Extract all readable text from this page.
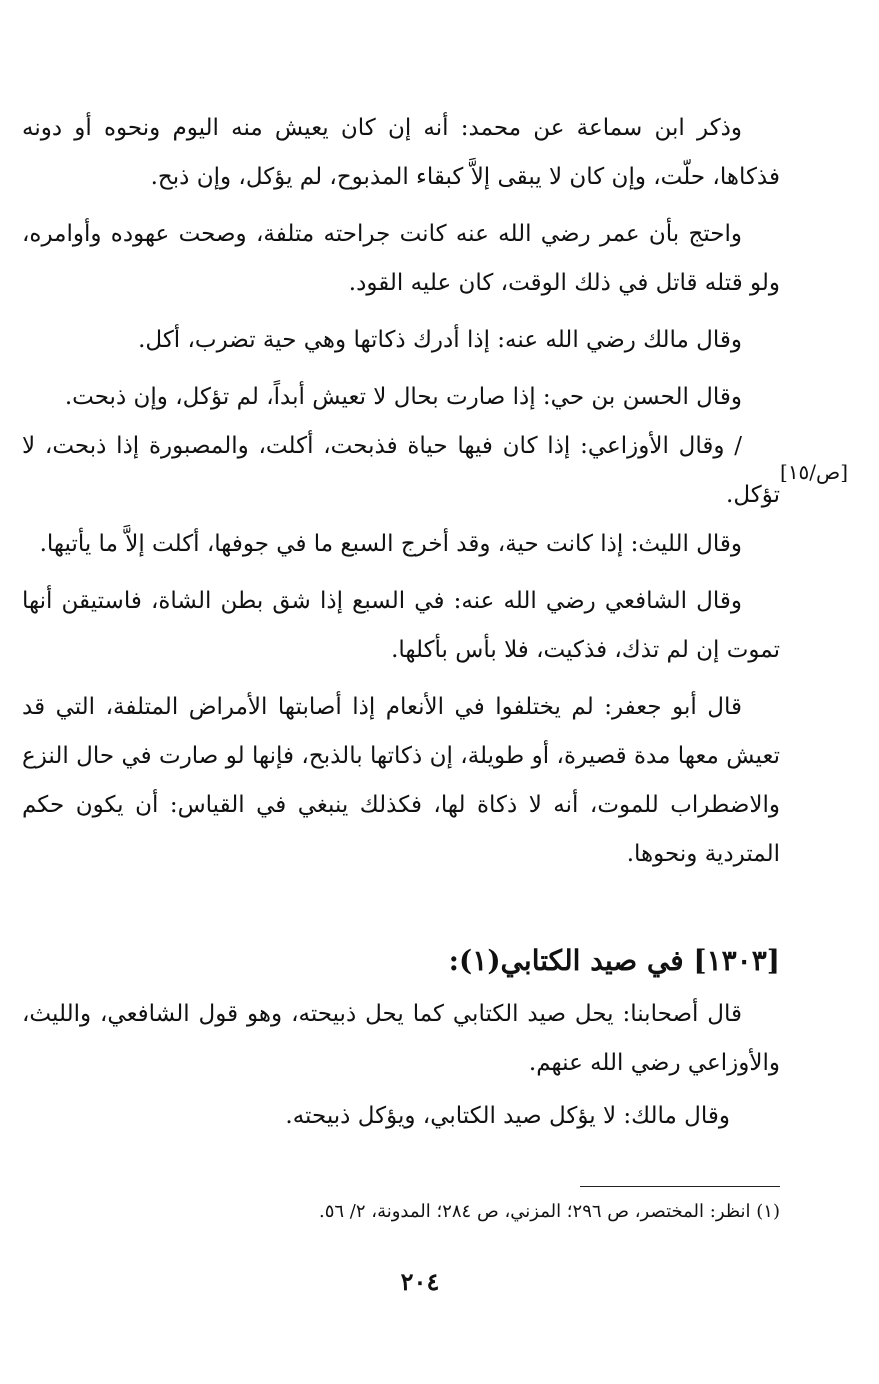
وذكر ابن سماعة عن محمد: أنه إن كان يعيش منه اليوم ونحوه أو دونه فذكاها، حلّت، وإن كان لا يبقى إلاَّ كبقاء المذبوح، لم يؤكل، وإن ذبح.

واحتج بأن عمر رضي الله عنه كانت جراحته متلفة، وصحت عهوده وأوامره، ولو قتله قاتل في ذلك الوقت، كان عليه القود.

وقال مالك رضي الله عنه: إذا أدرك ذكاتها وهي حية تضرب، أكل.

وقال الحسن بن حي: إذا صارت بحال لا تعيش أبداً، لم تؤكل، وإن ذبحت.

/ وقال الأوزاعي: إذا كان فيها حياة فذبحت، أكلت، والمصبورة إذا ذبحت، لا تؤكل.

وقال الليث: إذا كانت حية، وقد أخرج السبع ما في جوفها، أكلت إلاَّ ما يأتيها.

وقال الشافعي رضي الله عنه: في السبع إذا شق بطن الشاة، فاستيقن أنها تموت إن لم تذك، فذكيت، فلا بأس بأكلها.

قال أبو جعفر: لم يختلفوا في الأنعام إذا أصابتها الأمراض المتلفة، التي قد تعيش معها مدة قصيرة، أو طويلة، إن ذكاتها بالذبح، فإنها لو صارت في حال النزع والاضطراب للموت، أنه لا ذكاة لها، فكذلك ينبغي في القياس: أن يكون حكم المتردية ونحوها.

[ص/١٥]
[١٣٠٣] في صيد الكتابي(١):

قال أصحابنا: يحل صيد الكتابي كما يحل ذبيحته، وهو قول الشافعي، والليث، والأوزاعي رضي الله عنهم.

وقال مالك: لا يؤكل صيد الكتابي، ويؤكل ذبيحته.

(١) انظر: المختصر، ص ٢٩٦؛ المزني، ص ٢٨٤؛ المدونة، ٢/ ٥٦.
٢٠٤
